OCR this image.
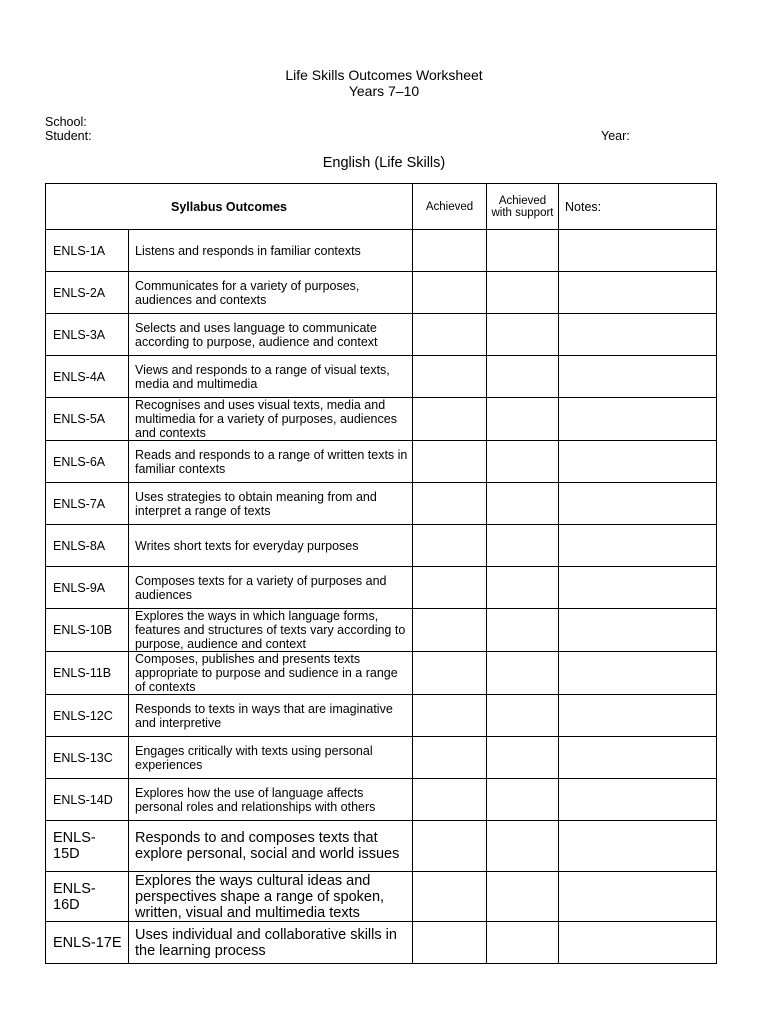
Life Skills Outcomes Worksheet
Years 7–10
School:
Student:	Year:
English (Life Skills)
Syllabus Outcomes		Achieved	Achieved with support	Notes:
ENLS-1A	Listens and responds in familiar contexts			
ENLS-2A	Communicates for a variety of purposes, audiences and contexts			
ENLS-3A	Selects and uses language to communicate according to purpose, audience and context			
ENLS-4A	Views and responds to a range of visual texts, media and multimedia			
ENLS-5A	Recognises and uses visual texts, media and multimedia for a variety of purposes, audiences and contexts			
ENLS-6A	Reads and responds to a range of written texts in familiar contexts			
ENLS-7A	Uses strategies to obtain meaning from and interpret a range of texts			
ENLS-8A	Writes short texts for everyday purposes			
ENLS-9A	Composes texts for a variety of purposes and audiences			
ENLS-10B	Explores the ways in which language forms, features and structures of texts vary according to purpose, audience and context			
ENLS-11B	Composes, publishes and presents texts appropriate to purpose and sudience in a range of contexts			
ENLS-12C	Responds to texts in ways that are imaginative and interpretive			
ENLS-13C	Engages critically with texts using personal experiences			
ENLS-14D	Explores how the use of language affects personal roles and relationships with others			
ENLS-15D	Responds to and composes texts that explore personal, social and world issues			
ENLS-16D	Explores the ways cultural ideas and perspectives shape a range of spoken, written, visual and multimedia texts			
ENLS-17E	Uses individual and collaborative skills in the learning process			
